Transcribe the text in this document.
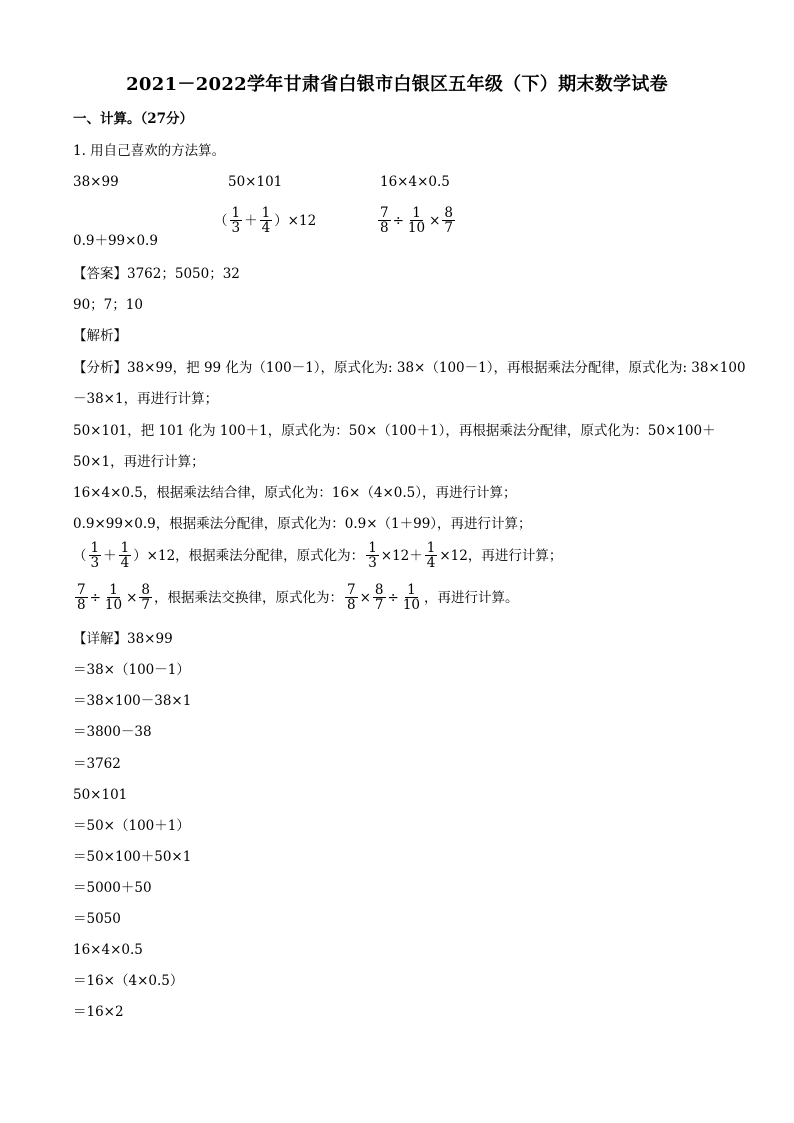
2021－2022学年甘肃省白银市白银区五年级（下）期末数学试卷
一、计算。（27分）
1. 用自己喜欢的方法算。
38×99	50×101	16×4×0.5
0.9＋99×0.9
（ $\frac{1}{3} + \frac{1}{4} )\times 12$	$\frac{7}{8} \div \frac{1}{10} \times \frac{8}{7}$
【答案】3762；5050；32
90；7；10
【解析】
【分析】38×99，把 99 化为（100－1），原式化为: 38×（100－1），再根据乘法分配律，原式化为: 38×100
－38×1，再进行计算；
50×101，把 101 化为 100＋1，原式化为：50×（100＋1），再根据乘法分配律，原式化为：50×100＋
50×1，再进行计算；
16×4×0.5，根据乘法结合律，原式化为：16×（4×0.5），再进行计算；
0.9×99×0.9，根据乘法分配律，原式化为：0.9×（1＋99），再进行计算；
（ $\frac{1}{3} + \frac{1}{4} )\times 12$，根据乘法分配律，原式化为： $\frac{1}{3} \times 12+ \frac{1}{4} \times 12$，再进行计算；
$\frac{7}{8} \div \frac{1}{10} \times \frac{8}{7}$ ，根据乘法交换律，原式化为： $\frac{7}{8} \times \frac{8}{7} \div \frac{1}{10}$ ，再进行计算。
【详解】38×99
＝38×（100－1）
＝38×100－38×1
＝3800－38
＝3762
50×101
＝50×（100＋1）
＝50×100＋50×1
＝5000＋50
＝5050
16×4×0.5
＝16×（4×0.5）
＝16×2
